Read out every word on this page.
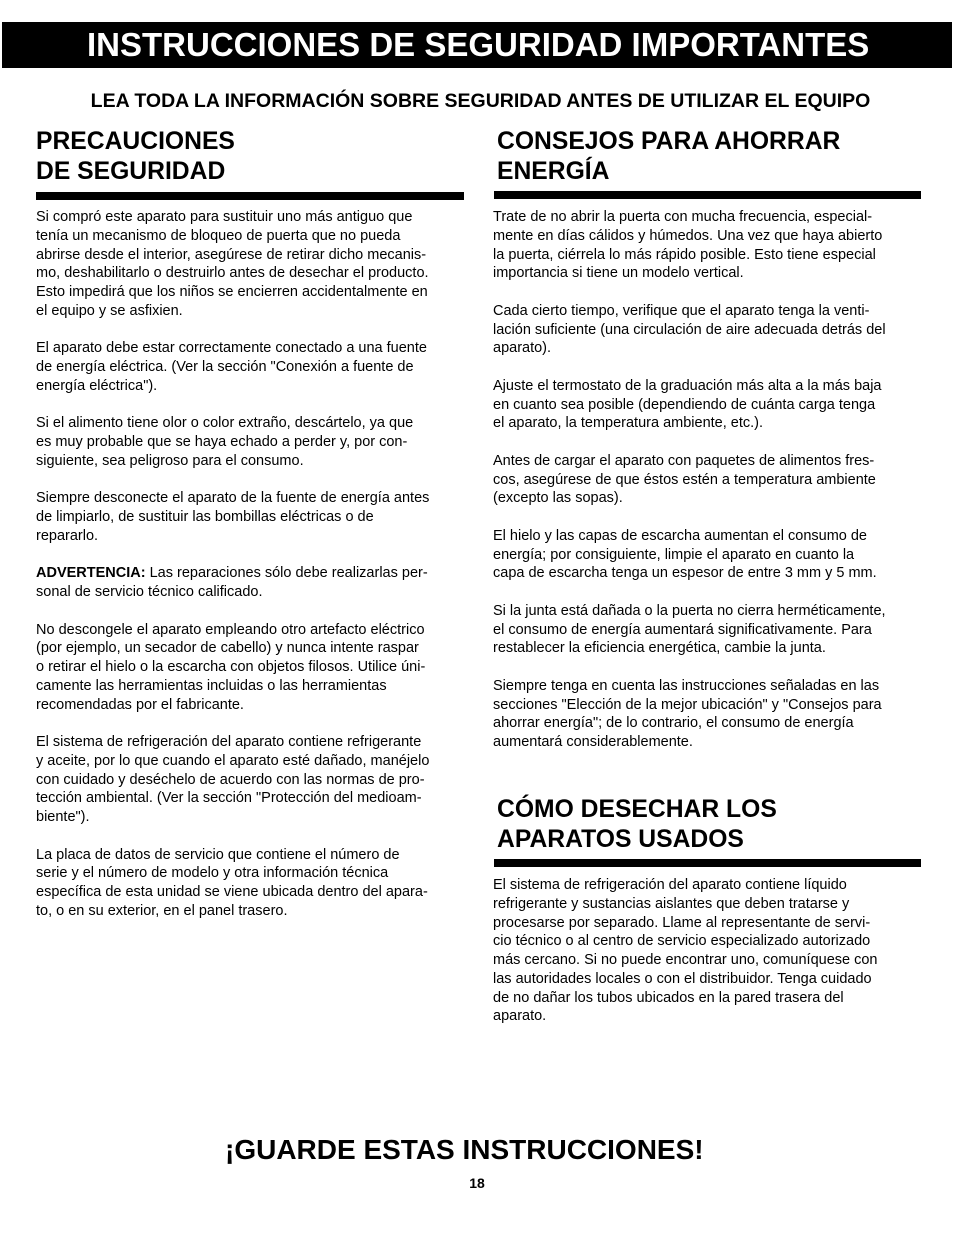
INSTRUCCIONES DE SEGURIDAD IMPORTANTES
LEA TODA LA INFORMACIÓN SOBRE SEGURIDAD ANTES DE UTILIZAR EL EQUIPO
PRECAUCIONES
DE SEGURIDAD

Si compró este aparato para sustituir uno más antiguo que
tenía un mecanismo de bloqueo de puerta que no pueda
abrirse desde el interior, asegúrese de retirar dicho mecanis-
mo, deshabilitarlo o destruirlo antes de desechar el producto.
Esto impedirá que los niños se encierren accidentalmente en
el equipo y se asfixien.

El aparato debe estar correctamente conectado a una fuente
de energía eléctrica. (Ver la sección "Conexión a fuente de
energía eléctrica").

Si el alimento tiene olor o color extraño, descártelo, ya que
es muy probable que se haya echado a perder y, por con-
siguiente, sea peligroso para el consumo.

Siempre desconecte el aparato de la fuente de energía antes
de limpiarlo, de sustituir las bombillas eléctricas o de
repararlo.

ADVERTENCIA: Las reparaciones sólo debe realizarlas per-
sonal de servicio técnico calificado.

No descongele el aparato empleando otro artefacto eléctrico
(por ejemplo, un secador de cabello) y nunca intente raspar
o retirar el hielo o la escarcha con objetos filosos. Utilice úni-
camente las herramientas incluidas o las herramientas
recomendadas por el fabricante.

El sistema de refrigeración del aparato contiene refrigerante
y aceite, por lo que cuando el aparato esté dañado, manéjelo
con cuidado y deséchelo de acuerdo con las normas de pro-
tección ambiental. (Ver la sección "Protección del medioam-
biente").

La placa de datos de servicio que contiene el número de
serie y el número de modelo y otra información técnica
específica de esta unidad se viene ubicada dentro del apara-
to, o en su exterior, en el panel trasero.

CONSEJOS PARA AHORRAR
ENERGÍA

Trate de no abrir la puerta con mucha frecuencia, especial-
mente en días cálidos y húmedos. Una vez que haya abierto
la puerta, ciérrela lo más rápido posible. Esto tiene especial
importancia si tiene un modelo vertical.

Cada cierto tiempo, verifique que el aparato tenga la venti-
lación suficiente (una circulación de aire adecuada detrás del
aparato).

Ajuste el termostato de la graduación más alta a la más baja
en cuanto sea posible (dependiendo de cuánta carga tenga
el aparato, la temperatura ambiente, etc.).

Antes de cargar el aparato con paquetes de alimentos fres-
cos, asegúrese de que éstos estén a temperatura ambiente
(excepto las sopas).

El hielo y las capas de escarcha aumentan el consumo de
energía; por consiguiente, limpie el aparato en cuanto la
capa de escarcha tenga un espesor de entre 3 mm y 5 mm.

Si la junta está dañada o la puerta no cierra herméticamente,
el consumo de energía aumentará significativamente. Para
restablecer la eficiencia energética, cambie la junta.

Siempre tenga en cuenta las instrucciones señaladas en las
secciones "Elección de la mejor ubicación" y "Consejos para
ahorrar energía"; de lo contrario, el consumo de energía
aumentará considerablemente.

CÓMO DESECHAR LOS
APARATOS USADOS

El sistema de refrigeración del aparato contiene líquido
refrigerante y sustancias aislantes que deben tratarse y
procesarse por separado. Llame al representante de servi-
cio técnico o al centro de servicio especializado autorizado
más cercano. Si no puede encontrar uno, comuníquese con
las autoridades locales o con el distribuidor. Tenga cuidado
de no dañar los tubos ubicados en la pared trasera del
aparato.

¡GUARDE ESTAS INSTRUCCIONES!
18
